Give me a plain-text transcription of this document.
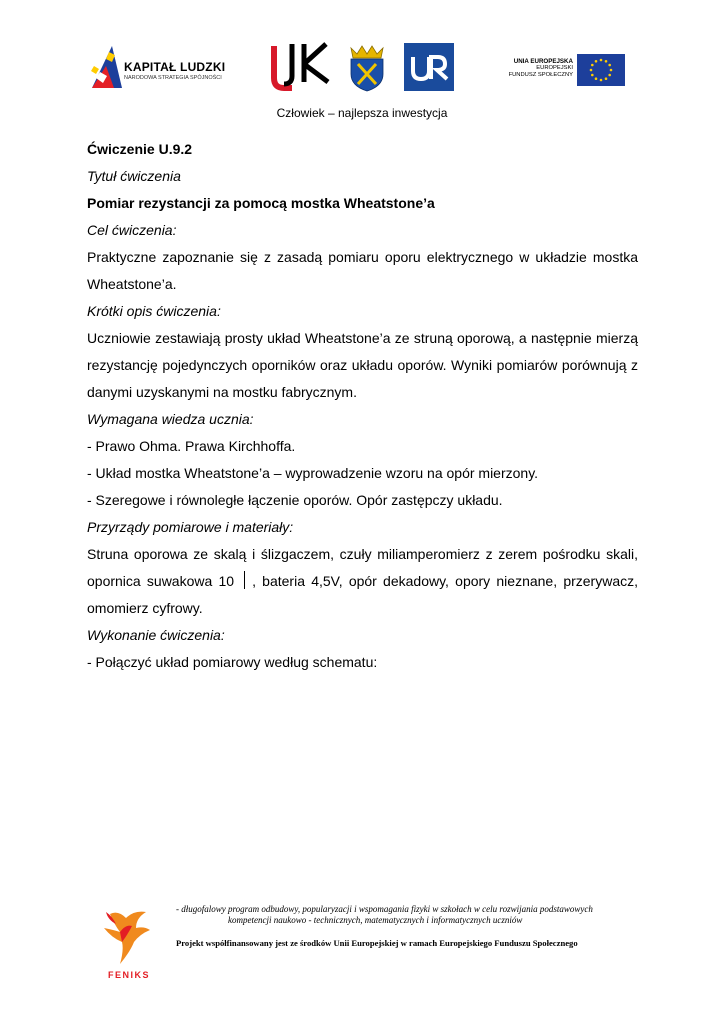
KAPITAŁ LUDZKI
NARODOWA STRATEGIA SPÓJNOŚCI
UNIA EUROPEJSKA
EUROPEJSKI
FUNDUSZ SPOŁECZNY
Człowiek – najlepsza inwestycja

Ćwiczenie U.9.2

Tytuł ćwiczenia

Pomiar rezystancji za pomocą mostka Wheatstone’a

Cel ćwiczenia:

Praktyczne zapoznanie się z zasadą pomiaru oporu elektrycznego w układzie mostka Wheatstone’a.

Krótki opis ćwiczenia:

Uczniowie zestawiają prosty układ Wheatstone’a ze struną oporową, a następnie mierzą rezystancję pojedynczych oporników oraz układu oporów. Wyniki pomiarów porównują z danymi uzyskanymi na mostku fabrycznym.

Wymagana wiedza ucznia:

- Prawo Ohma. Prawa Kirchhoffa.

- Układ mostka Wheatstone’a – wyprowadzenie wzoru na opór mierzony.

- Szeregowe i równoległe łączenie oporów. Opór zastępczy układu.

Przyrządy pomiarowe i materiały:

Struna oporowa ze skalą i ślizgaczem, czuły miliamperomierz z zerem pośrodku skali, opornica suwakowa 10 , bateria 4,5V, opór dekadowy, opory nieznane, przerywacz, omomierz cyfrowy.

Wykonanie ćwiczenia:

- Połączyć układ pomiarowy według schematu:

FENIKS
- długofalowy program odbudowy, popularyzacji i wspomagania fizyki w szkołach w celu rozwijania podstawowych
kompetencji naukowo - technicznych, matematycznych i informatycznych uczniów
Projekt współfinansowany jest ze środków Unii Europejskiej w ramach Europejskiego Funduszu Społecznego
